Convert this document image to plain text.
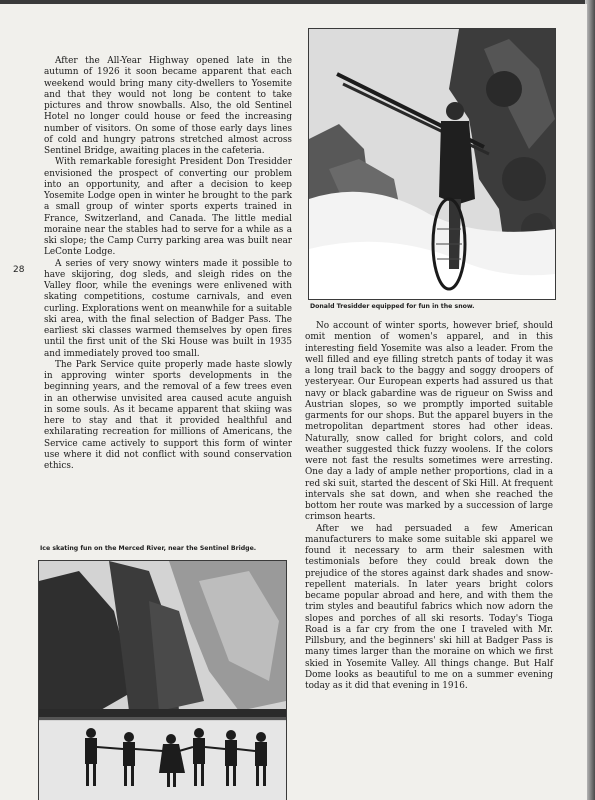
28

After the All-Year Highway opened late in the autumn of 1926 it soon became apparent that each weekend would bring many city-dwellers to Yosemite and that they would not long be content to take pictures and throw snowballs. Also, the old Sentinel Hotel no longer could house or feed the increasing number of visitors. On some of those early days lines of cold and hungry patrons stretched almost across Sentinel Bridge, awaiting places in the cafeteria.

With remarkable foresight President Don Tresidder envisioned the prospect of converting our problem into an opportunity, and after a decision to keep Yosemite Lodge open in winter he brought to the park a small group of winter sports experts trained in France, Switzerland, and Canada. The little medial moraine near the stables had to serve for a while as a ski slope; the Camp Curry parking area was built near LeConte Lodge.

A series of very snowy winters made it possible to have skijoring, dog sleds, and sleigh rides on the Valley floor, while the evenings were enlivened with skating competitions, costume carnivals, and even curling. Explorations went on meanwhile for a suitable ski area, with the final selection of Badger Pass. The earliest ski classes warmed themselves by open fires until the first unit of the Ski House was built in 1935 and immediately proved too small.

The Park Service quite properly made haste slowly in approving winter sports developments in the beginning years, and the removal of a few trees even in an otherwise unvisited area caused acute anguish in some souls. As it became apparent that skiing was here to stay and that it provided healthful and exhilarating recreation for millions of Americans, the Service came actively to support this form of winter use where it did not conflict with sound conservation ethics.

Donald Tresidder equipped for fun in the snow.

No account of winter sports, however brief, should omit mention of women's apparel, and in this interesting field Yosemite was also a leader. From the well filled and eye filling stretch pants of today it was a long trail back to the baggy and soggy droopers of yesteryear. Our European experts had assured us that navy or black gabardine was de rigueur on Swiss and Austrian slopes, so we promptly imported suitable garments for our shops. But the apparel buyers in the metropolitan department stores had other ideas. Naturally, snow called for bright colors, and cold weather suggested thick fuzzy woolens. If the colors were not fast the results sometimes were arresting. One day a lady of ample nether proportions, clad in a red ski suit, started the descent of Ski Hill. At frequent intervals she sat down, and when she reached the bottom her route was marked by a succession of large crimson hearts.

After we had persuaded a few American manufacturers to make some suitable ski apparel we found it necessary to arm their salesmen with testimonials before they could break down the prejudice of the stores against dark shades and snow-repellent materials. In later years bright colors became popular abroad and here, and with them the trim styles and beautiful fabrics which now adorn the slopes and porches of all ski resorts. Today's Tioga Road is a far cry from the one I traveled with Mr. Pillsbury, and the beginners' ski hill at Badger Pass is many times larger than the moraine on which we first skied in Yosemite Valley. All things change. But Half Dome looks as beautiful to me on a summer evening today as it did that evening in 1916.

Ice skating fun on the Merced River, near the Sentinel Bridge.
